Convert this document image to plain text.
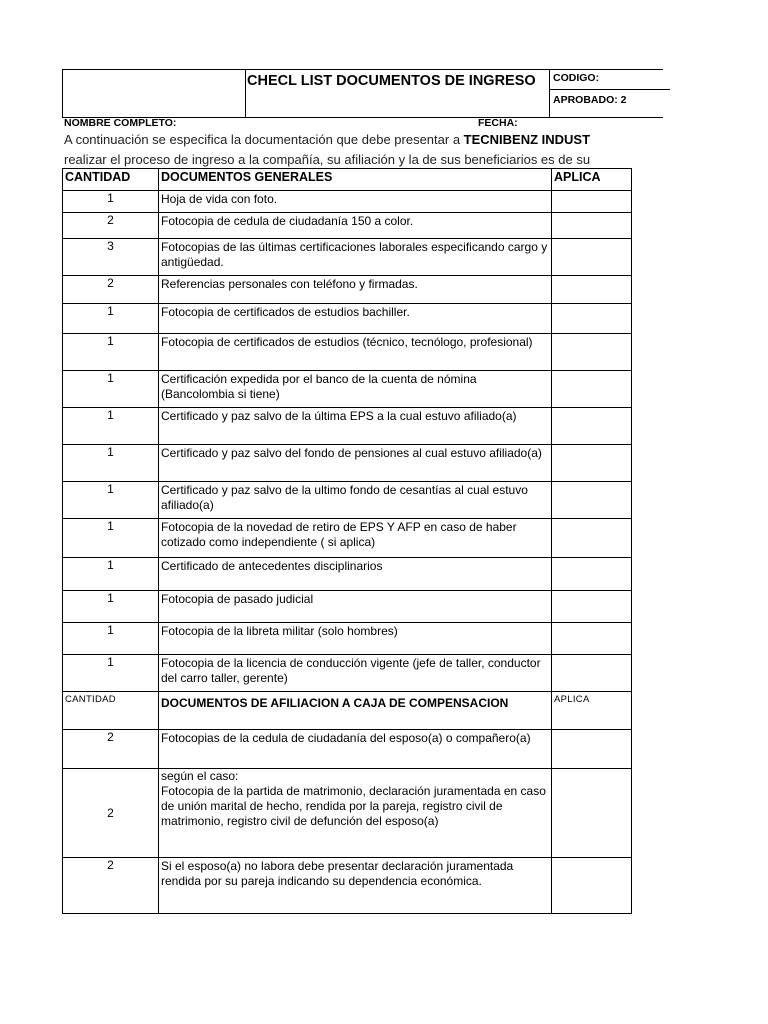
CHECL LIST DOCUMENTOS DE INGRESO CODIGO:
APROBADO: 2
NOMBRE COMPLETO:	FECHA:
A continuación se especifica la documentación que debe presentar a TECNIBENZ INDUST
realizar el proceso de ingreso a la compañía, su afiliación y la de sus beneficiarios es de su
CANTIDAD	DOCUMENTOS GENERALES	APLICA
1	Hoja de vida con foto.	
2	Fotocopia de cedula de ciudadanía 150 a color.	
3	Fotocopias de las últimas certificaciones laborales especificando cargo y antigüedad.	
2	Referencias personales con teléfono y firmadas.	
1	Fotocopia de certificados de estudios bachiller.	
1	Fotocopia de certificados de estudios (técnico, tecnólogo, profesional)	
1	Certificación expedida por el banco de la cuenta de nómina (Bancolombia si tiene)	
1	Certificado y paz salvo de la última EPS a la cual estuvo afiliado(a)	
1	Certificado y paz salvo del fondo de pensiones al cual estuvo afiliado(a)	
1	Certificado y paz salvo de la ultimo fondo de cesantías al cual estuvo afiliado(a)	
1	Fotocopia de la novedad de retiro de EPS Y AFP en caso de haber cotizado como independiente ( si aplica)	
1	Certificado de antecedentes disciplinarios	
1	Fotocopia de pasado judicial	
1	Fotocopia de la libreta militar (solo hombres)	
1	Fotocopia de la licencia de conducción vigente (jefe de taller, conductor del carro taller, gerente)	
CANTIDAD	DOCUMENTOS DE AFILIACION A CAJA DE COMPENSACION	APLICA
2	Fotocopias de la cedula de ciudadanía del esposo(a) o compañero(a)	
2	según el caso:
Fotocopia de la partida de matrimonio, declaración juramentada en caso de unión marital de hecho, rendida por la pareja, registro civil de matrimonio, registro civil de defunción del esposo(a)	
2	Si el esposo(a) no labora debe presentar declaración juramentada rendida por su pareja indicando su dependencia económica.	
